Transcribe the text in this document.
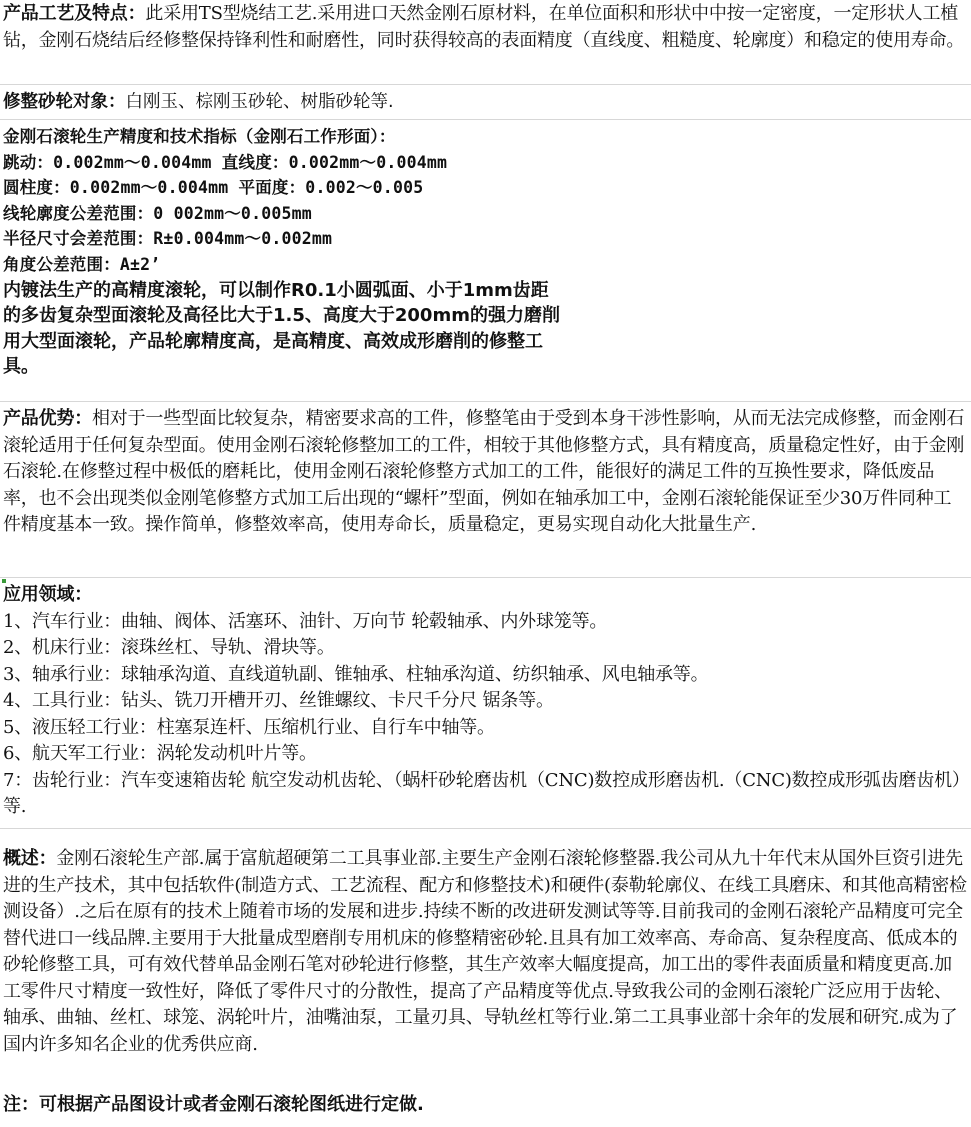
产品工艺及特点：此采用TS型烧结工艺.采用进口天然金刚石原材料，在单位面积和形状中中按一定密度，一定形状人工植钻，金刚石烧结后经修整保持锋利性和耐磨性，同时获得较高的表面精度（直线度、粗糙度、轮廓度）和稳定的使用寿命。

修整砂轮对象：白刚玉、棕刚玉砂轮、树脂砂轮等.

金刚石滚轮生产精度和技术指标（金刚石工作形面）：
跳动：0.002mm～0.004mm 直线度：0.002mm～0.004mm
圆柱度：0.002mm～0.004mm 平面度：0.002～0.005
线轮廓度公差范围：0 002mm～0.005mm
半径尺寸会差范围：R±0.004mm～0.002mm
角度公差范围：A±2’
内镀法生产的高精度滚轮，可以制作R0.1小圆弧面、小于1mm齿距的多齿复杂型面滚轮及高径比大于1.5、高度大于200mm的强力磨削用大型面滚轮，产品轮廓精度高，是高精度、高效成形磨削的修整工具。

产品优势：相对于一些型面比较复杂，精密要求高的工件，修整笔由于受到本身干涉性影响，从而无法完成修整，而金刚石滚轮适用于任何复杂型面。使用金刚石滚轮修整加工的工件，相较于其他修整方式，具有精度高，质量稳定性好，由于金刚石滚轮.在修整过程中极低的磨耗比，使用金刚石滚轮修整方式加工的工件，能很好的满足工件的互换性要求，降低废品率，也不会出现类似金刚笔修整方式加工后出现的“螺杆”型面，例如在轴承加工中，金刚石滚轮能保证至少30万件同种工件精度基本一致。操作简单，修整效率高，使用寿命长，质量稳定，更易实现自动化大批量生产.

应用领域：
1、汽车行业：曲轴、阀体、活塞环、油针、万向节 轮毂轴承、内外球笼等。
2、机床行业：滚珠丝杠、导轨、滑块等。
3、轴承行业：球轴承沟道、直线道轨副、锥轴承、柱轴承沟道、纺织轴承、风电轴承等。
4、工具行业：钻头、铣刀开槽开刃、丝锥螺纹、卡尺千分尺 锯条等。
5、液压轻工行业：柱塞泵连杆、压缩机行业、自行车中轴等。
6、航天军工行业：涡轮发动机叶片等。
7：齿轮行业：汽车变速箱齿轮 航空发动机齿轮、（蜗杆砂轮磨齿机（CNC)数控成形磨齿机.（CNC)数控成形弧齿磨齿机）等.

概述：金刚石滚轮生产部.属于富航超硬第二工具事业部.主要生产金刚石滚轮修整器.我公司从九十年代末从国外巨资引进先进的生产技术，其中包括软件(制造方式、工艺流程、配方和修整技术)和硬件(泰勒轮廓仪、在线工具磨床、和其他高精密检测设备）.之后在原有的技术上随着市场的发展和进步.持续不断的改进研发测试等等.目前我司的金刚石滚轮产品精度可完全替代进口一线品牌.主要用于大批量成型磨削专用机床的修整精密砂轮.且具有加工效率高、寿命高、复杂程度高、低成本的砂轮修整工具，可有效代替单品金刚石笔对砂轮进行修整，其生产效率大幅度提高，加工出的零件表面质量和精度更高.加工零件尺寸精度一致性好，降低了零件尺寸的分散性，提高了产品精度等优点.导致我公司的金刚石滚轮广泛应用于齿轮、轴承、曲轴、丝杠、球笼、涡轮叶片，油嘴油泵，工量刃具、导轨丝杠等行业.第二工具事业部十余年的发展和研究.成为了国内许多知名企业的优秀供应商.

注：可根据产品图设计或者金刚石滚轮图纸进行定做.
